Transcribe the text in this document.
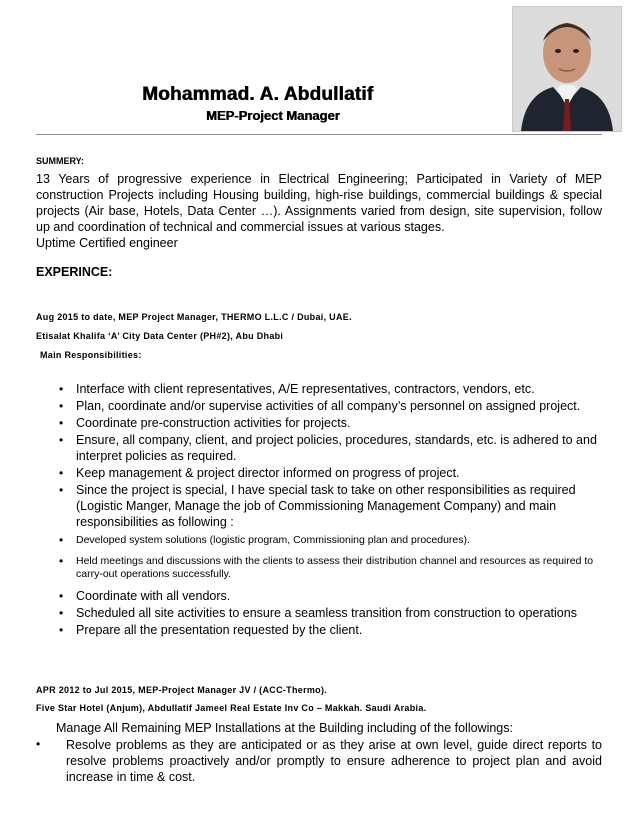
Mohammad. A. Abdullatif
MEP-Project Manager
SUMMERY:
13 Years of progressive experience in Electrical Engineering; Participated in Variety of MEP construction Projects including Housing building, high-rise buildings, commercial buildings & special projects (Air base, Hotels, Data Center …). Assignments varied from design, site supervision, follow up and coordination of technical and commercial issues at various stages.
Uptime Certified engineer
EXPERINCE:
Aug 2015 to date, MEP Project Manager, THERMO L.L.C / Dubai, UAE.
Etisalat Khalifa ‘A’ City Data Center (PH#2), Abu Dhabi
Main Responsibilities:
• Interface with client representatives, A/E representatives, contractors, vendors, etc.
• Plan, coordinate and/or supervise activities of all company’s personnel on assigned project.
• Coordinate pre-construction activities for projects.
• Ensure, all company, client, and project policies, procedures, standards, etc. is adhered to and interpret policies as required.
• Keep management & project director informed on progress of project.
• Since the project is special, I have special task to take on other responsibilities as required (Logistic Manger, Manage the job of Commissioning Management Company) and main responsibilities as following :
• Developed system solutions (logistic program, Commissioning plan and procedures).
• Held meetings and discussions with the clients to assess their distribution channel and resources as required to carry-out operations successfully.
• Coordinate with all vendors.
• Scheduled all site activities to ensure a seamless transition from construction to operations
• Prepare all the presentation requested by the client.
APR 2012 to Jul 2015, MEP-Project Manager JV / (ACC-Thermo).
Five Star Hotel (Anjum), Abdullatif Jameel Real Estate Inv Co – Makkah. Saudi Arabia.
Manage All Remaining MEP Installations at the Building including of the followings:
• Resolve problems as they are anticipated or as they arise at own level, guide direct reports to resolve problems proactively and/or promptly to ensure adherence to project plan and avoid increase in time & cost.
